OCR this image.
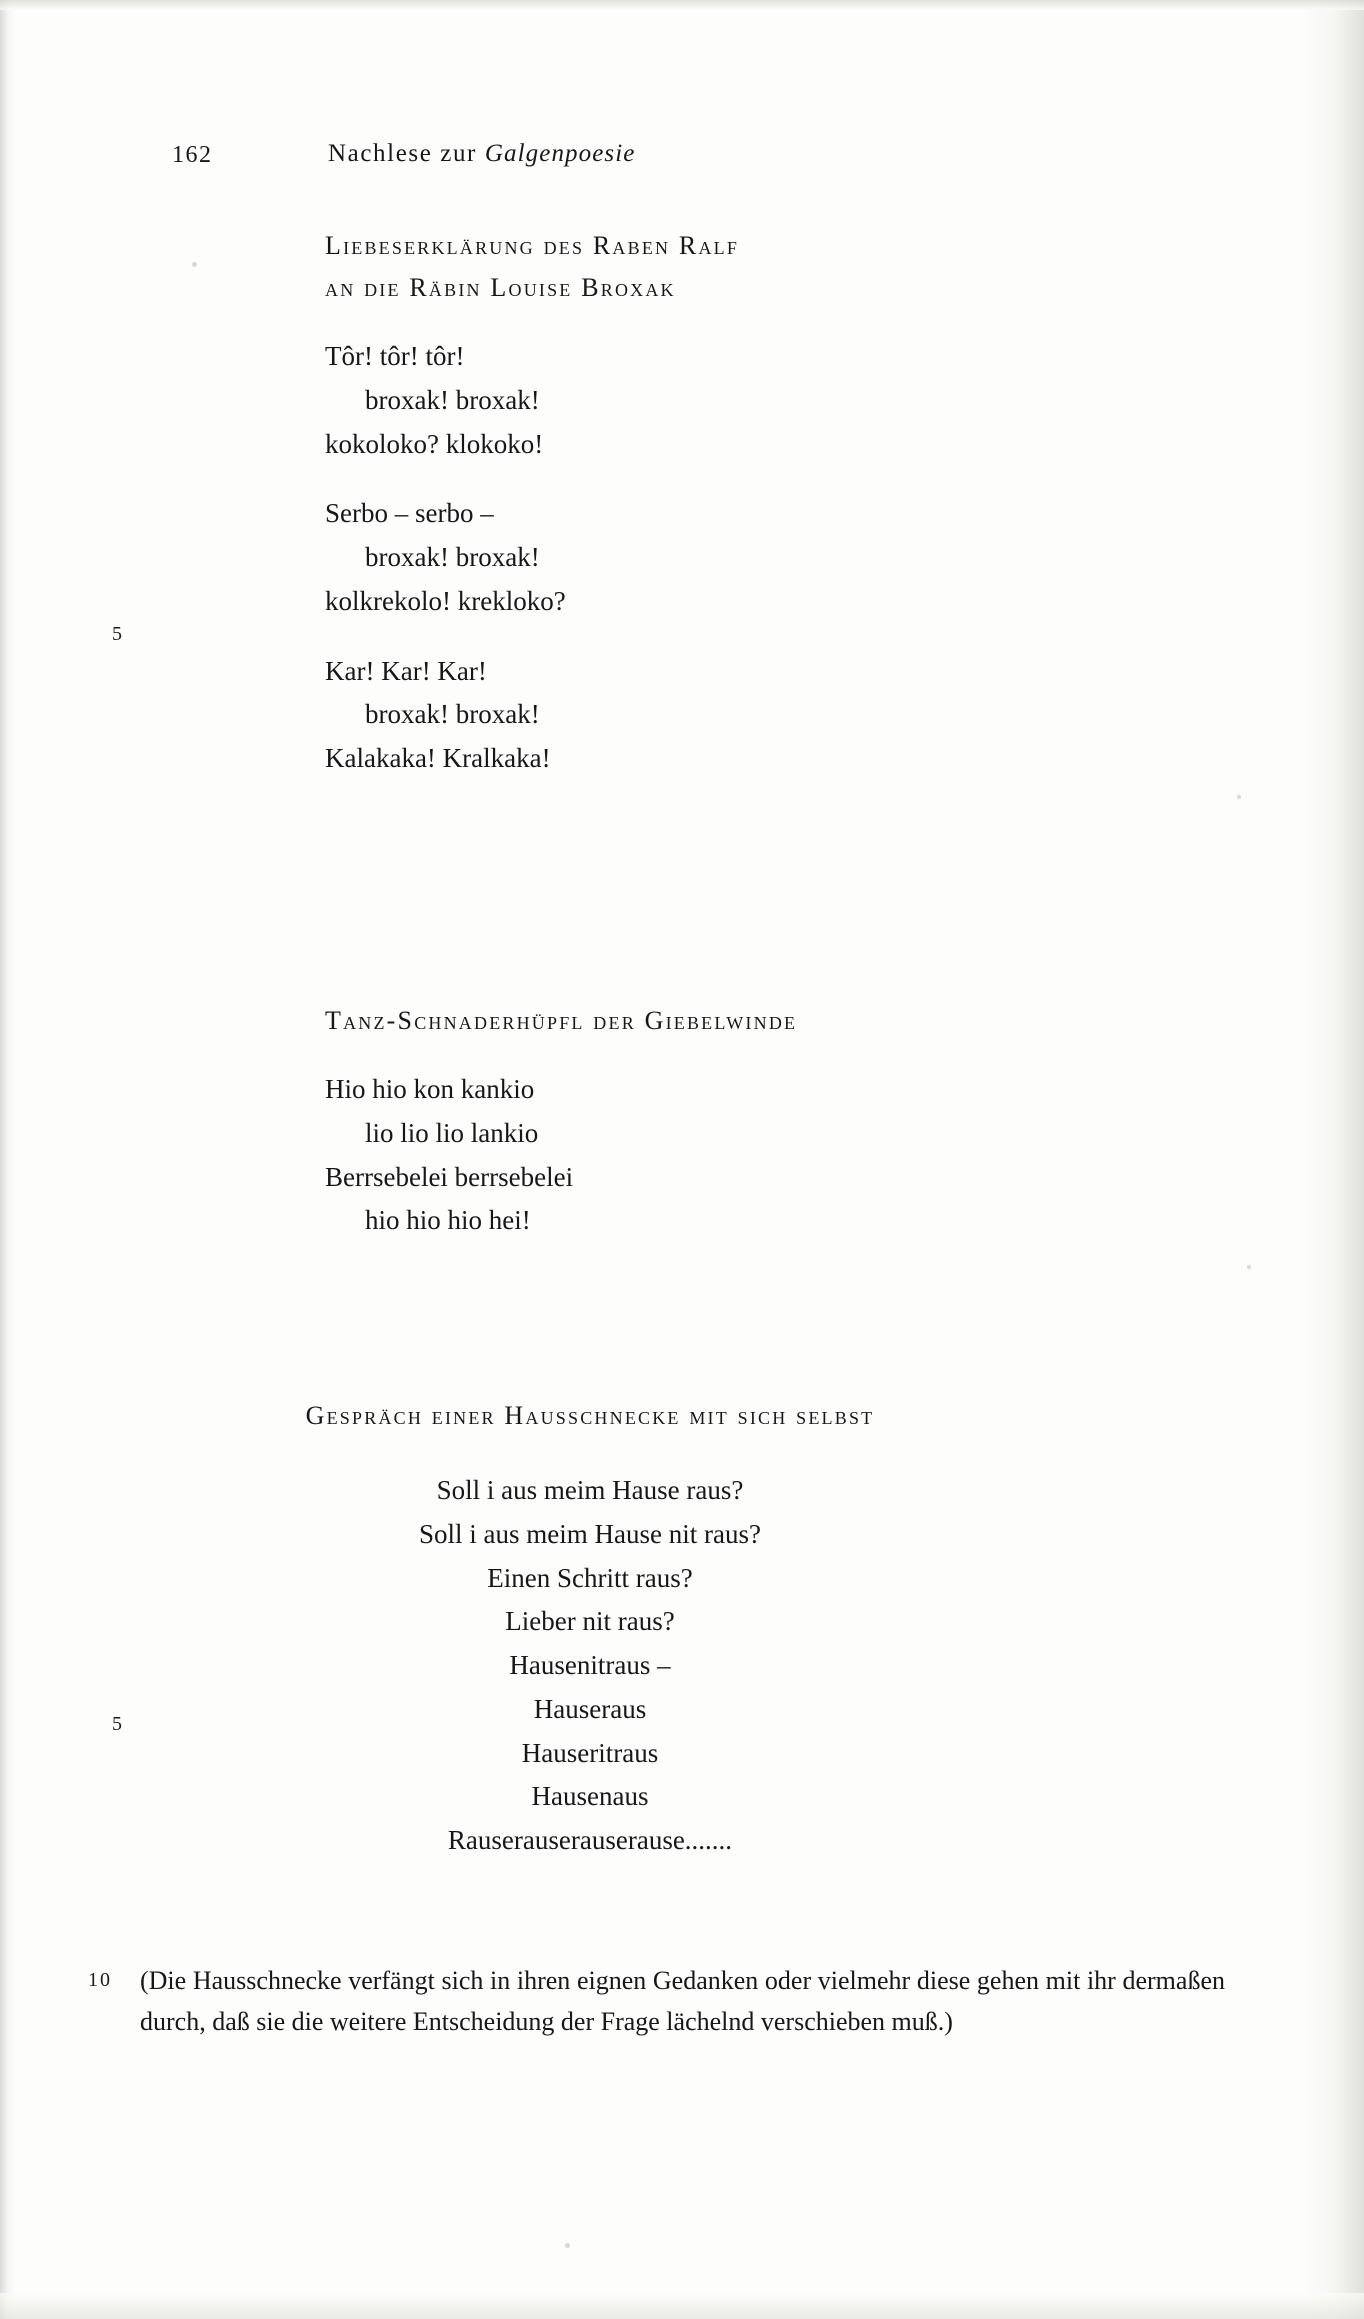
162	Nachlese zur Galgenpoesie
Liebeserklärung des Raben Ralf
an die Räbin Louise Broxak
Tôr! tôr! tôr!
broxak! broxak!
kokoloko? klokoko!
Serbo – serbo –
broxak! broxak!
kolkrekolo! krekloko?
Kar! Kar! Kar!
broxak! broxak!
Kalakaka! Kralkaka!
5
Tanz-Schnaderhüpfl der Giebelwinde
Hio hio kon kankio
lio lio lio lankio
Berrsebelei berrsebelei
hio hio hio hei!
Gespräch einer Hausschnecke mit sich selbst
Soll i aus meim Hause raus?
Soll i aus meim Hause nit raus?
Einen Schritt raus?
Lieber nit raus?
Hausenitraus –
Hauseraus
Hauseritraus
Hausenaus
Rauserauserauserause.......
5
10 (Die Hausschnecke verfängt sich in ihren eignen Gedanken oder vielmehr diese gehen mit ihr dermaßen durch, daß sie die weitere Entscheidung der Frage lächelnd verschieben muß.)
